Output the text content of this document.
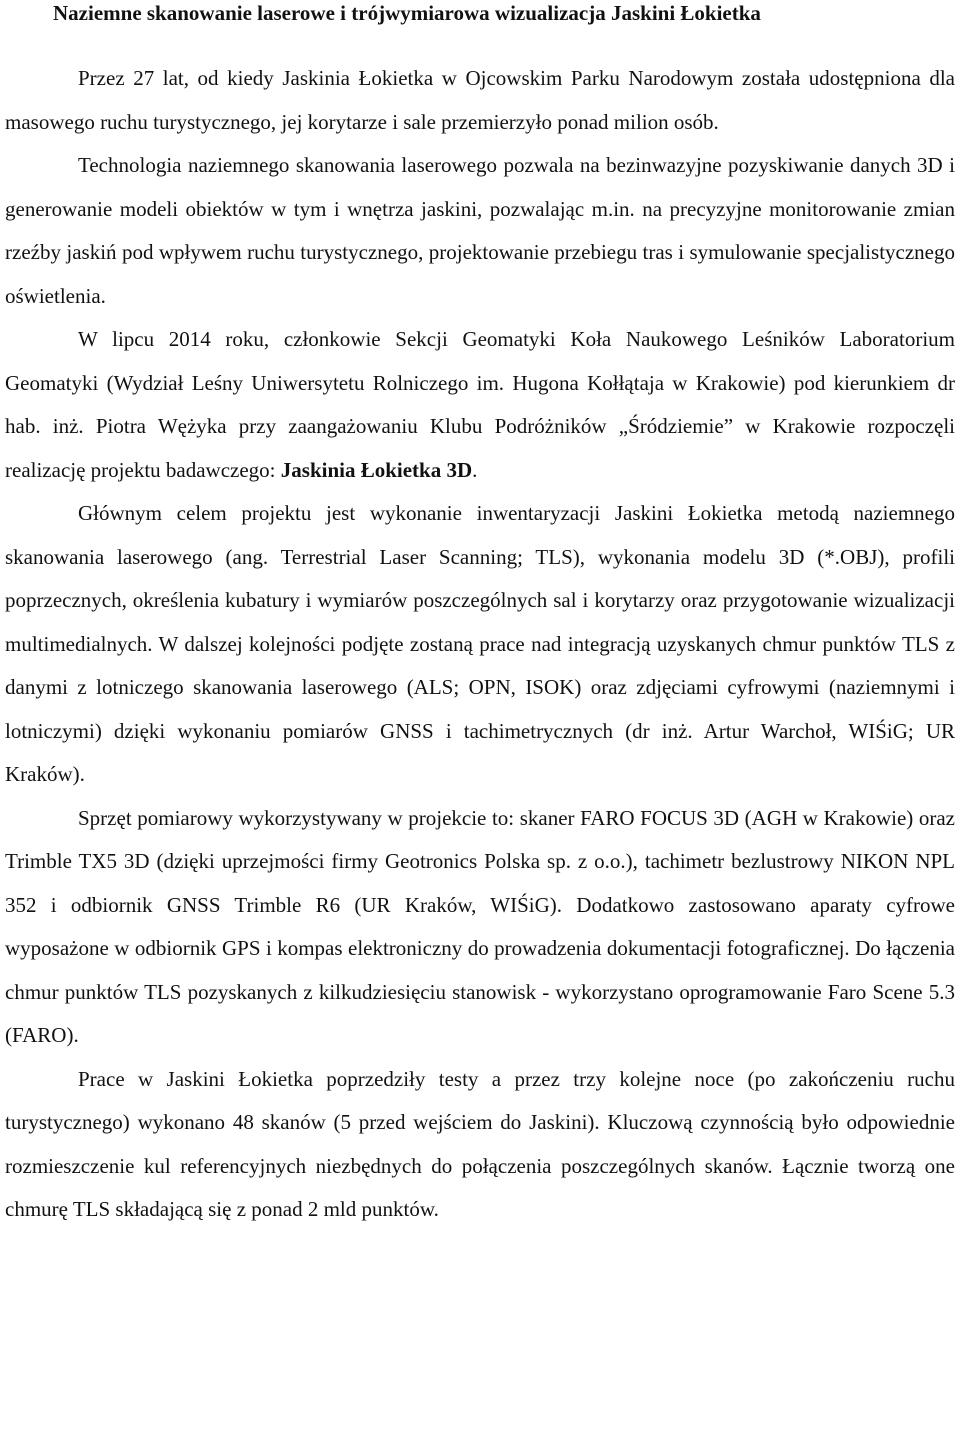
Naziemne skanowanie laserowe i trójwymiarowa wizualizacja Jaskini Łokietka

Przez 27 lat, od kiedy Jaskinia Łokietka w Ojcowskim Parku Narodowym została udostępniona dla masowego ruchu turystycznego, jej korytarze i sale przemierzyło ponad milion osób.

Technologia naziemnego skanowania laserowego pozwala na bezinwazyjne pozyskiwanie danych 3D i generowanie modeli obiektów w tym i wnętrza jaskini, pozwalając m.in. na precyzyjne monitorowanie zmian rzeźby jaskiń pod wpływem ruchu turystycznego, projektowanie przebiegu tras i symulowanie specjalistycznego oświetlenia.

W lipcu 2014 roku, członkowie Sekcji Geomatyki Koła Naukowego Leśników Laboratorium Geomatyki (Wydział Leśny Uniwersytetu Rolniczego im. Hugona Kołłątaja w Krakowie) pod kierunkiem dr hab. inż. Piotra Wężyka przy zaangażowaniu Klubu Podróżników „Śródziemie” w Krakowie rozpoczęli realizację projektu badawczego: Jaskinia Łokietka 3D.

Głównym celem projektu jest wykonanie inwentaryzacji Jaskini Łokietka metodą naziemnego skanowania laserowego (ang. Terrestrial Laser Scanning; TLS), wykonania modelu 3D (*.OBJ), profili poprzecznych, określenia kubatury i wymiarów poszczególnych sal i korytarzy oraz przygotowanie wizualizacji multimedialnych. W dalszej kolejności podjęte zostaną prace nad integracją uzyskanych chmur punktów TLS z danymi z lotniczego skanowania laserowego (ALS; OPN, ISOK) oraz zdjęciami cyfrowymi (naziemnymi i lotniczymi) dzięki wykonaniu pomiarów GNSS i tachimetrycznych (dr inż. Artur Warchoł, WIŚiG; UR Kraków).

Sprzęt pomiarowy wykorzystywany w projekcie to: skaner FARO FOCUS 3D (AGH w Krakowie) oraz Trimble TX5 3D (dzięki uprzejmości firmy Geotronics Polska sp. z o.o.), tachimetr bezlustrowy NIKON NPL 352 i odbiornik GNSS Trimble R6 (UR Kraków, WIŚiG). Dodatkowo zastosowano aparaty cyfrowe wyposażone w odbiornik GPS i kompas elektroniczny do prowadzenia dokumentacji fotograficznej. Do łączenia chmur punktów TLS pozyskanych z kilkudziesięciu stanowisk - wykorzystano oprogramowanie Faro Scene 5.3 (FARO).

Prace w Jaskini Łokietka poprzedziły testy a przez trzy kolejne noce (po zakończeniu ruchu turystycznego) wykonano 48 skanów (5 przed wejściem do Jaskini). Kluczową czynnością było odpowiednie rozmieszczenie kul referencyjnych niezbędnych do połączenia poszczególnych skanów. Łącznie tworzą one chmurę TLS składającą się z ponad 2 mld punktów.
